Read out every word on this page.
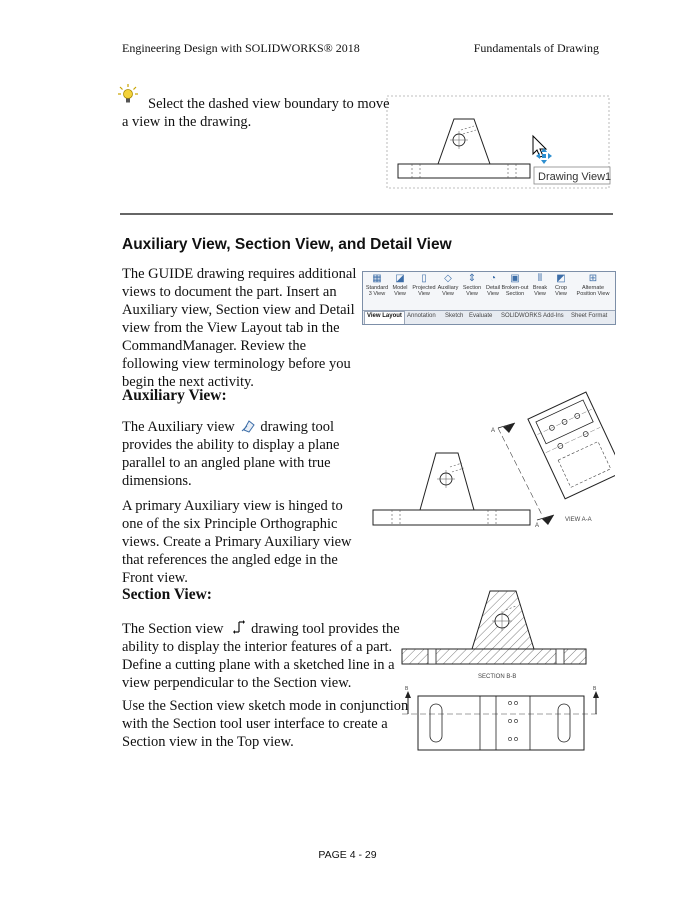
Engineering Design with SOLIDWORKS® 2018	Fundamentals of Drawing
Select the dashed view boundary to move
a view in the drawing.
Drawing View1
Auxiliary View, Section View, and Detail View
The GUIDE drawing requires additional
views to document the part. Insert an
Auxiliary view, Section view and Detail
view from the View Layout tab in the
CommandManager. Review the
following view terminology before you
begin the next activity.
▦
Standard
3 View
◪
Model
View
▯
Projected
View
◇
Auxiliary
View
⇕
Section
View
◔
Detail
View
▣
Broken-out
Section
⫴
Break
View
◩
Crop
View
⊞
Alternate
Position View
View Layout Annotation Sketch Evaluate SOLIDWORKS Add-Ins Sheet Format
Auxiliary View:
The Auxiliary view drawing tool
provides the ability to display a plane
parallel to an angled plane with true
dimensions.
A primary Auxiliary view is hinged to
one of the six Principle Orthographic
views. Create a Primary Auxiliary view
that references the angled edge in the
Front view.
A
A
VIEW A-A
Section View:
The Section view drawing tool provides the
ability to display the interior features of a part.
Define a cutting plane with a sketched line in a
view perpendicular to the Section view.
Use the Section view sketch mode in conjunction
with the Section tool user interface to create a
Section view in the Top view.
SECTION B-B
B	B
PAGE 4 - 29
